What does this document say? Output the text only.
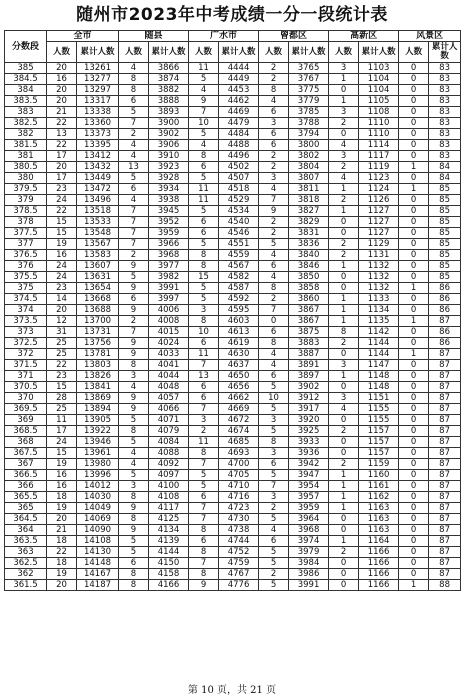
随州市2023年中考成绩一分一段统计表
分数段	全市		随县		广水市		曾都区		高新区		风景区	
	人数	累计人数	人数	累计人数	人数	累计人数	人数	累计人数	人数	累计人数	人数	累计人数
385	20	13261	4	3866	11	4444	2	3765	3	1103	0	83
384.5	16	13277	8	3874	5	4449	2	3767	1	1104	0	83
384	20	13297	8	3882	4	4453	8	3775	0	1104	0	83
383.5	20	13317	6	3888	9	4462	4	3779	1	1105	0	83
383	21	13338	5	3893	7	4469	6	3785	3	1108	0	83
382.5	22	13360	7	3900	10	4479	3	3788	2	1110	0	83
382	13	13373	2	3902	5	4484	6	3794	0	1110	0	83
381.5	22	13395	4	3906	4	4488	6	3800	4	1114	0	83
381	17	13412	4	3910	8	4496	2	3802	3	1117	0	83
380.5	20	13432	13	3923	6	4502	2	3804	2	1119	1	84
380	17	13449	5	3928	5	4507	3	3807	4	1123	0	84
379.5	23	13472	6	3934	11	4518	4	3811	1	1124	1	85
379	24	13496	4	3938	11	4529	7	3818	2	1126	0	85
378.5	22	13518	7	3945	5	4534	9	3827	1	1127	0	85
378	15	13533	7	3952	6	4540	2	3829	0	1127	0	85
377.5	15	13548	7	3959	6	4546	2	3831	0	1127	0	85
377	19	13567	7	3966	5	4551	5	3836	2	1129	0	85
376.5	16	13583	2	3968	8	4559	4	3840	2	1131	0	85
376	24	13607	9	3977	8	4567	6	3846	1	1132	0	85
375.5	24	13631	5	3982	15	4582	4	3850	0	1132	0	85
375	23	13654	9	3991	5	4587	8	3858	0	1132	1	86
374.5	14	13668	6	3997	5	4592	2	3860	1	1133	0	86
374	20	13688	9	4006	3	4595	7	3867	1	1134	0	86
373.5	12	13700	2	4008	8	4603	0	3867	1	1135	1	87
373	31	13731	7	4015	10	4613	6	3875	8	1142	0	86
372.5	25	13756	9	4024	6	4619	8	3883	2	1144	0	86
372	25	13781	9	4033	11	4630	4	3887	0	1144	1	87
371.5	22	13803	8	4041	7	4637	4	3891	3	1147	0	87
371	23	13826	3	4044	13	4650	6	3897	1	1148	0	87
370.5	15	13841	4	4048	6	4656	5	3902	0	1148	0	87
370	28	13869	9	4057	6	4662	10	3912	3	1151	0	87
369.5	25	13894	9	4066	7	4669	5	3917	4	1155	0	87
369	11	13905	5	4071	3	4672	3	3920	0	1155	0	87
368.5	17	13922	8	4079	2	4674	5	3925	2	1157	0	87
368	24	13946	5	4084	11	4685	8	3933	0	1157	0	87
367.5	15	13961	4	4088	8	4693	3	3936	0	1157	0	87
367	19	13980	4	4092	7	4700	6	3942	2	1159	0	87
366.5	16	13996	5	4097	5	4705	5	3947	1	1160	0	87
366	16	14012	3	4100	5	4710	7	3954	1	1161	0	87
365.5	18	14030	8	4108	6	4716	3	3957	1	1162	0	87
365	19	14049	9	4117	7	4723	2	3959	1	1163	0	87
364.5	20	14069	8	4125	7	4730	5	3964	0	1163	0	87
364	21	14090	9	4134	8	4738	4	3968	0	1163	0	87
363.5	18	14108	5	4139	6	4744	6	3974	1	1164	0	87
363	22	14130	5	4144	8	4752	5	3979	2	1166	0	87
362.5	18	14148	6	4150	7	4759	5	3984	0	1166	0	87
362	19	14167	8	4158	8	4767	2	3986	0	1166	0	87
361.5	20	14187	8	4166	9	4776	5	3991	0	1166	1	88
第 10 页，共 21 页
